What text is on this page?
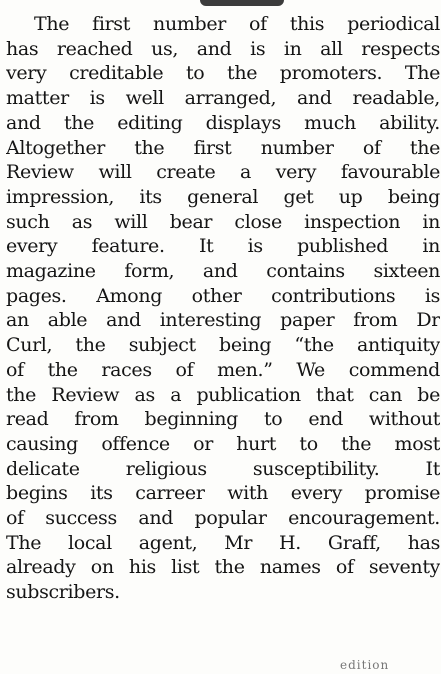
The first number of this periodical
has reached us, and is in all respects
very creditable to the promoters. The
matter is well arranged, and readable,
and the editing displays much ability.
Altogether the first number of the
Review will create a very favourable
impression, its general get up being
such as will bear close inspection in
every feature. It is published in
magazine form, and contains sixteen
pages. Among other contributions is
an able and interesting paper from Dr
Curl, the subject being “the antiquity
of the races of men.” We commend
the Review as a publication that can be
read from beginning to end without
causing offence or hurt to the most
delicate religious susceptibility. It
begins its carreer with every promise
of success and popular encouragement.
The local agent, Mr H. Graff, has
already on his list the names of seventy
subscribers.
edition
